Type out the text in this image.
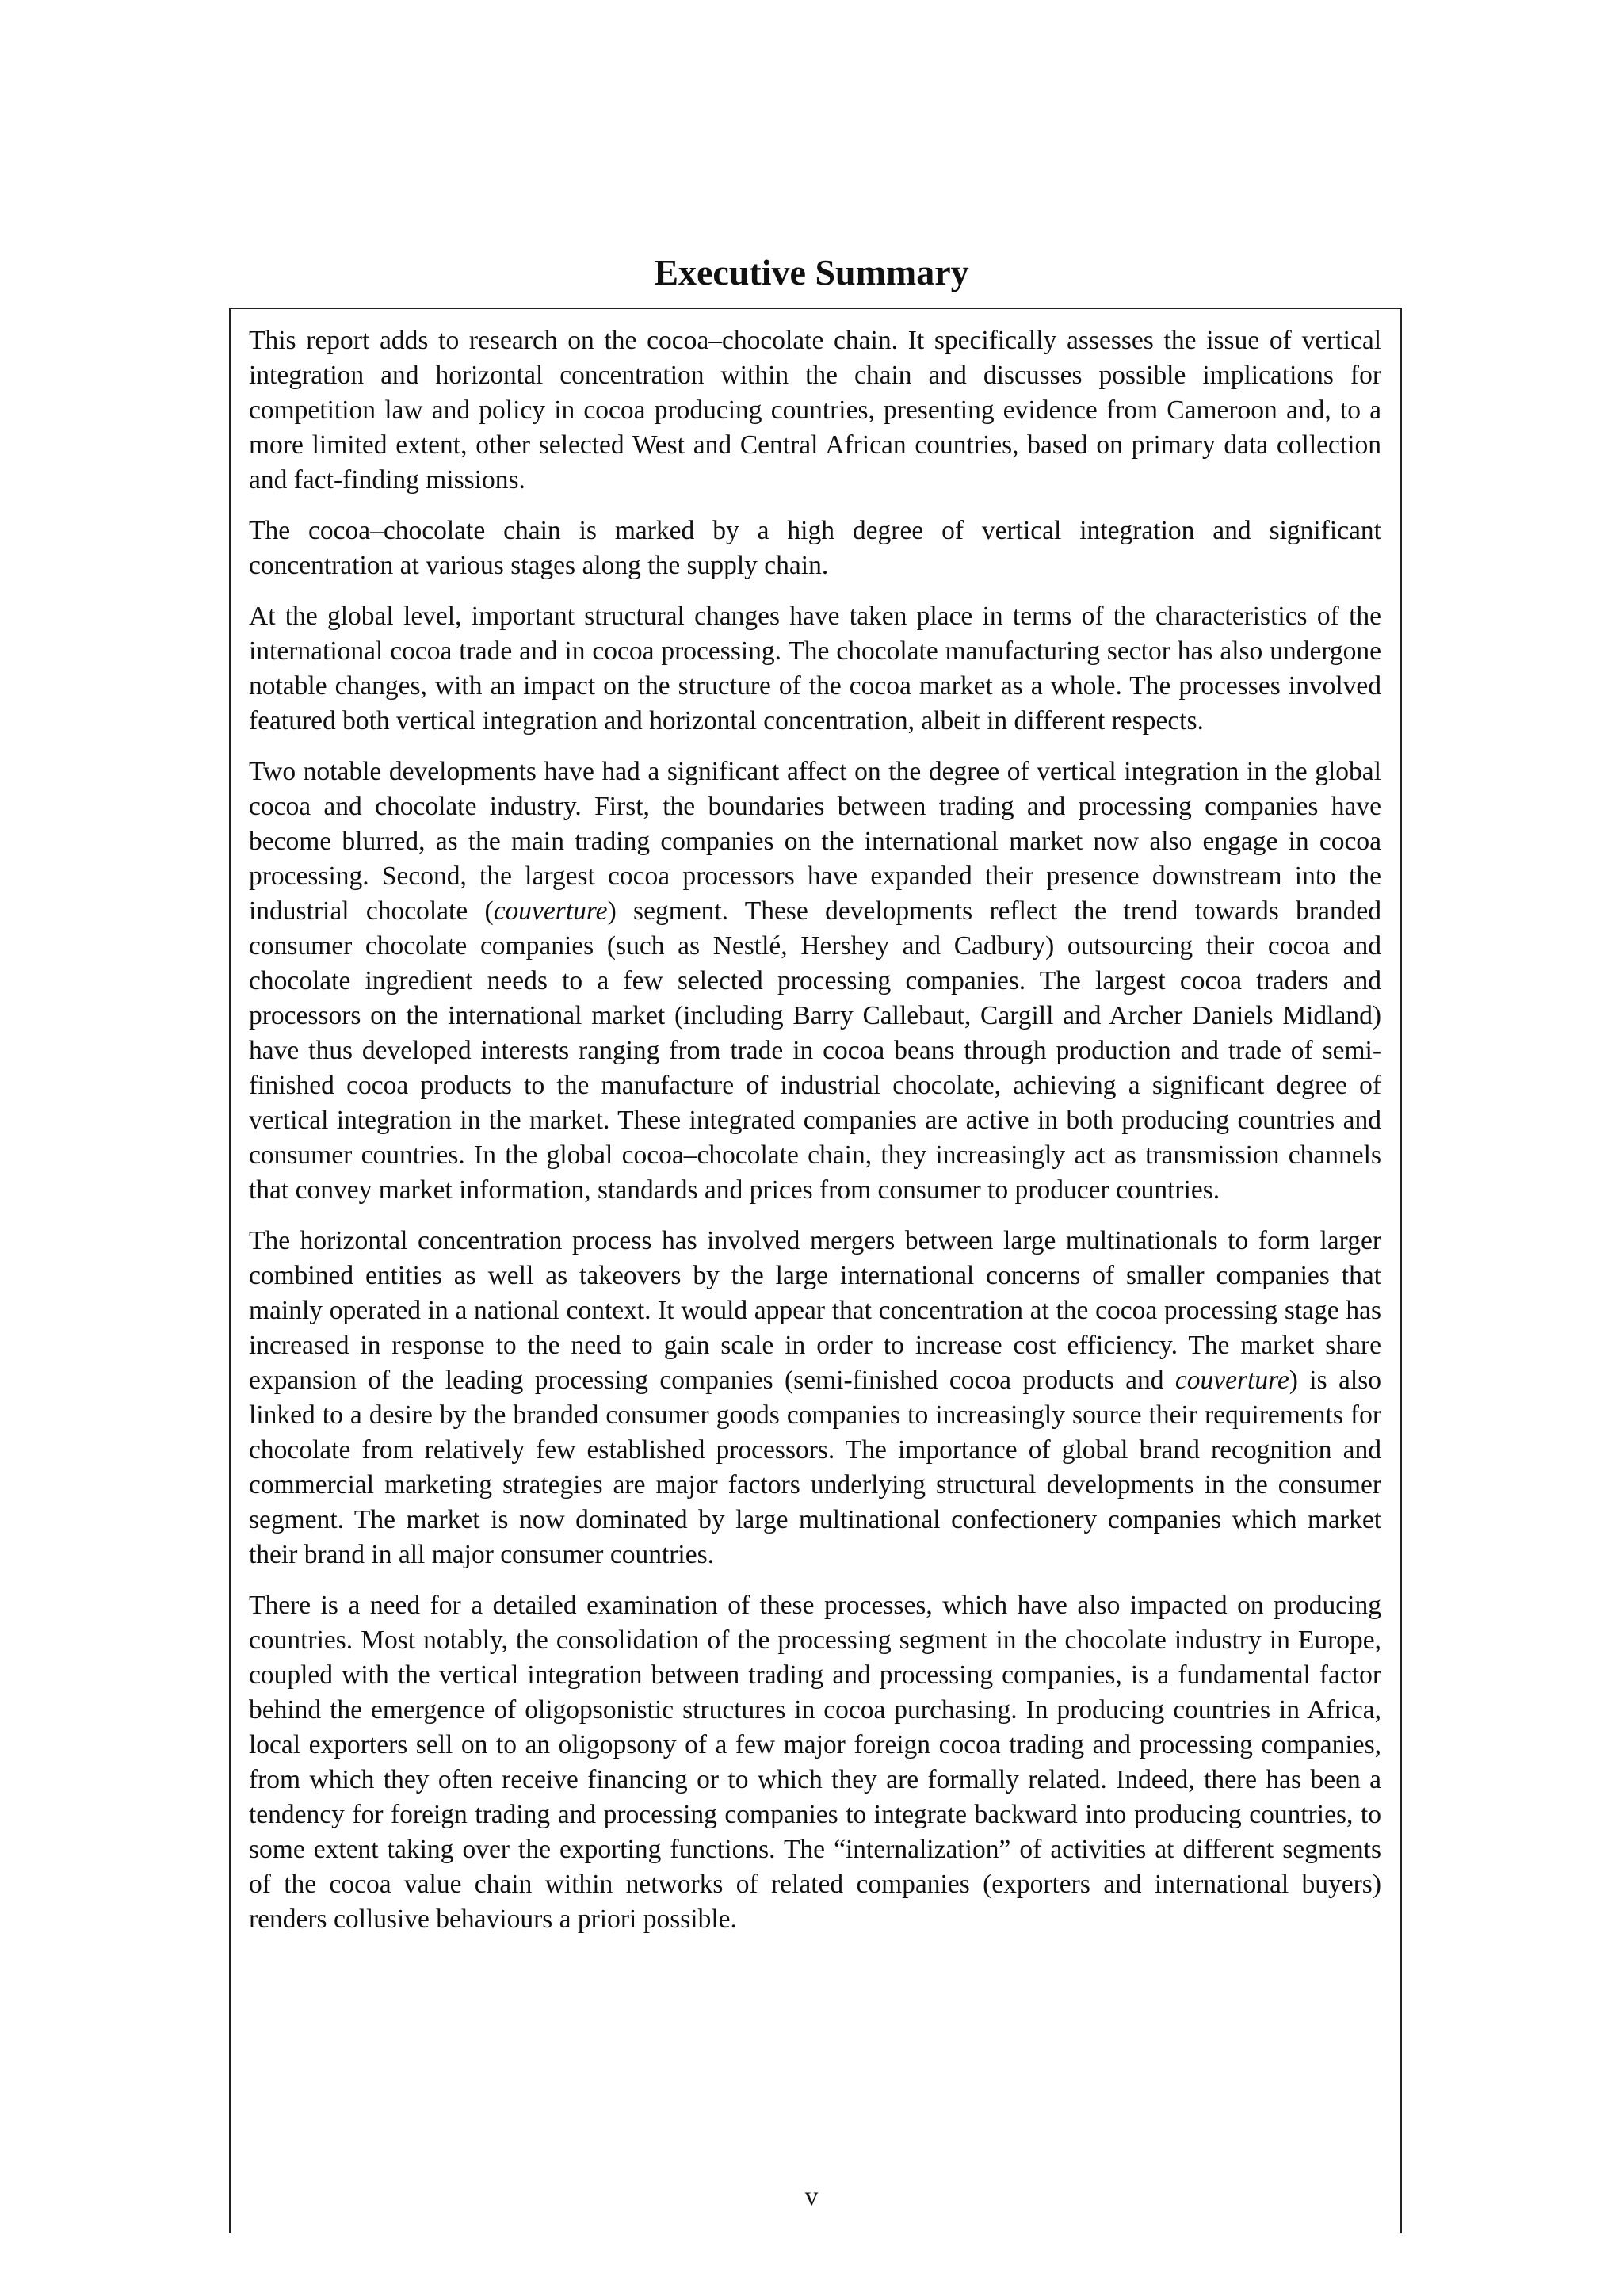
Executive Summary

This report adds to research on the cocoa–chocolate chain. It specifically assesses the issue of vertical integration and horizontal concentration within the chain and discusses possible implications for competition law and policy in cocoa producing countries, presenting evidence from Cameroon and, to a more limited extent, other selected West and Central African countries, based on primary data collection and fact-finding missions.

The cocoa–chocolate chain is marked by a high degree of vertical integration and significant concentration at various stages along the supply chain.

At the global level, important structural changes have taken place in terms of the characteristics of the international cocoa trade and in cocoa processing. The chocolate manufacturing sector has also undergone notable changes, with an impact on the structure of the cocoa market as a whole. The processes involved featured both vertical integration and horizontal concentration, albeit in different respects.

Two notable developments have had a significant affect on the degree of vertical integration in the global cocoa and chocolate industry. First, the boundaries between trading and processing companies have become blurred, as the main trading companies on the international market now also engage in cocoa processing. Second, the largest cocoa processors have expanded their presence downstream into the industrial chocolate (couverture) segment. These developments reflect the trend towards branded consumer chocolate companies (such as Nestlé, Hershey and Cadbury) outsourcing their cocoa and chocolate ingredient needs to a few selected processing companies. The largest cocoa traders and processors on the international market (including Barry Callebaut, Cargill and Archer Daniels Midland) have thus developed interests ranging from trade in cocoa beans through production and trade of semi-finished cocoa products to the manufacture of industrial chocolate, achieving a significant degree of vertical integration in the market. These integrated companies are active in both producing countries and consumer countries. In the global cocoa–chocolate chain, they increasingly act as transmission channels that convey market information, standards and prices from consumer to producer countries.

The horizontal concentration process has involved mergers between large multinationals to form larger combined entities as well as takeovers by the large international concerns of smaller companies that mainly operated in a national context. It would appear that concentration at the cocoa processing stage has increased in response to the need to gain scale in order to increase cost efficiency. The market share expansion of the leading processing companies (semi-finished cocoa products and couverture) is also linked to a desire by the branded consumer goods companies to increasingly source their requirements for chocolate from relatively few established processors. The importance of global brand recognition and commercial marketing strategies are major factors underlying structural developments in the consumer segment. The market is now dominated by large multinational confectionery companies which market their brand in all major consumer countries.

There is a need for a detailed examination of these processes, which have also impacted on producing countries. Most notably, the consolidation of the processing segment in the chocolate industry in Europe, coupled with the vertical integration between trading and processing companies, is a fundamental factor behind the emergence of oligopsonistic structures in cocoa purchasing. In producing countries in Africa, local exporters sell on to an oligopsony of a few major foreign cocoa trading and processing companies, from which they often receive financing or to which they are formally related. Indeed, there has been a tendency for foreign trading and processing companies to integrate backward into producing countries, to some extent taking over the exporting functions. The “internalization” of activities at different segments of the cocoa value chain within networks of related companies (exporters and international buyers) renders collusive behaviours a priori possible.

v
